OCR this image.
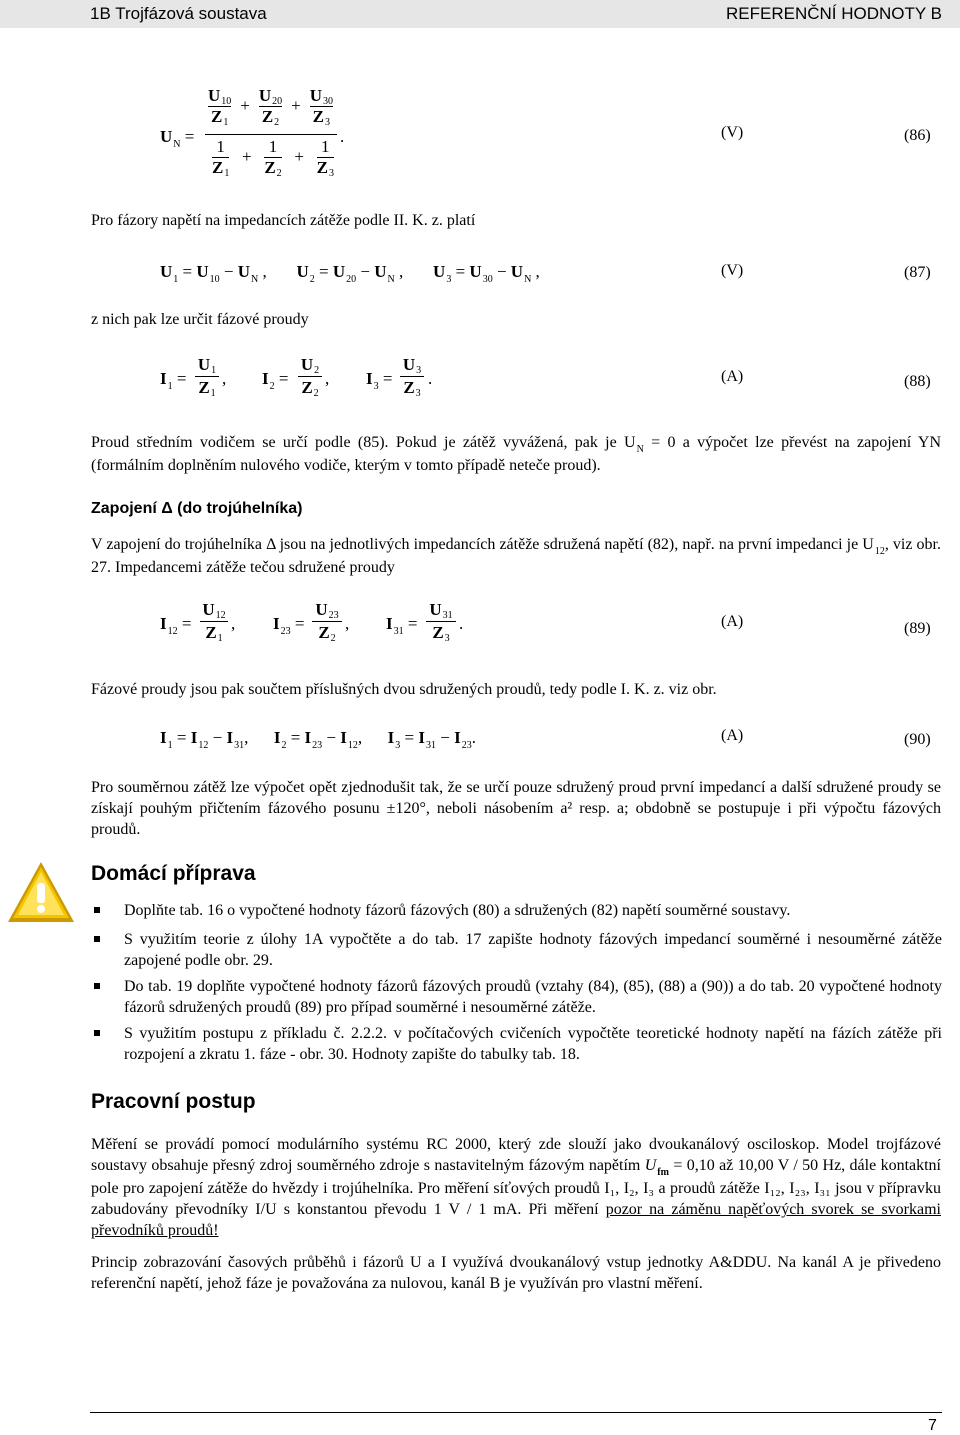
1B Trojfázová soustava	REFERENČNÍ HODNOTY B
$U_N$ =
U10
Z1
+
U20
Z2
+
U30
Z3
1
Z1
+
1
Z2
+
1
Z3
.	(V)	(86)
Pro fázory napětí na impedancích zátěže podle II. K. z. platí
$U_1 = U_{10} - U_N$ ,       $U_2 = U_{20} - U_N$ ,       $U_3 = U_{30} - U_N$ ,	(V)	(87)
z nich pak lze určit fázové proudy
$I_1$ =
U1
Z1
, $I_2$ =
U2
Z2
, $I_3$ =
U3
Z3
.	(A)	(88)
Proud středním vodičem se určí podle (85). Pokud je zátěž vyvážená, pak je $U_N = 0$ a výpočet lze převést na zapojení YN (formálním doplněním nulového vodiče, kterým v tomto případě neteče proud).
Zapojení Δ (do trojúhelníka)
V zapojení do trojúhelníka Δ jsou na jednotlivých impedancích zátěže sdružená napětí (82), např. na první impedanci je $U_{12}$, viz obr. 27. Impedancemi zátěže tečou sdružené proudy
$I_{12}$ =
U12
Z1
, $I_{23}$ =
U23
Z2
, $I_{31}$ =
U31
Z3
.	(A)	(89)
Fázové proudy jsou pak součtem příslušných dvou sdružených proudů, tedy podle I. K. z. viz obr.
$I_1 = I_{12} - I_{31}$,      $I_2 = I_{23} - I_{12}$,      $I_3 = I_{31} - I_{23}$.	(A)	(90)
Pro souměrnou zátěž lze výpočet opět zjednodušit tak, že se určí pouze sdružený proud první impedancí a další sdružené proudy se získají pouhým přičtením fázového posunu ±120°, neboli násobením a² resp. a; obdobně se postupuje i při výpočtu fázových proudů.
Domácí příprava
Doplňte tab. 16 o vypočtené hodnoty fázorů fázových (80) a sdružených (82) napětí souměrné soustavy.
S využitím teorie z úlohy 1A vypočtěte a do tab. 17 zapište hodnoty fázových impedancí souměrné i nesouměrné zátěže zapojené podle obr. 29.
Do tab. 19 doplňte vypočtené hodnoty fázorů fázových proudů (vztahy (84), (85), (88) a (90)) a do tab. 20 vypočtené hodnoty fázorů sdružených proudů (89) pro případ souměrné i nesouměrné zátěže.
S využitím postupu z příkladu č. 2.2.2. v počítačových cvičeních vypočtěte teoretické hodnoty napětí na fázích zátěže při rozpojení a zkratu 1. fáze - obr. 30. Hodnoty zapište do tabulky tab. 18.
Pracovní postup
Měření se provádí pomocí modulárního systému RC 2000, který zde slouží jako dvoukanálový osciloskop. Model trojfázové soustavy obsahuje přesný zdroj souměrného zdroje s nastavitelným fázovým napětím $U_{fm} = 0,10$ až 10,00 V / 50 Hz, dále kontaktní pole pro zapojení zátěže do hvězdy i trojúhelníka. Pro měření síťových proudů I₁, I₂, I₃ a proudů zátěže I₁₂, I₂₃, I₃₁ jsou v přípravku zabudovány převodníky I/U s konstantou převodu 1 V / 1 mA. Při měření pozor na záměnu napěťových svorek se svorkami převodníků proudů!
Princip zobrazování časových průběhů i fázorů U a I využívá dvoukanálový vstup jednotky A&DDU. Na kanál A je přivedeno referenční napětí, jehož fáze je považována za nulovou, kanál B je využíván pro vlastní měření.
7
